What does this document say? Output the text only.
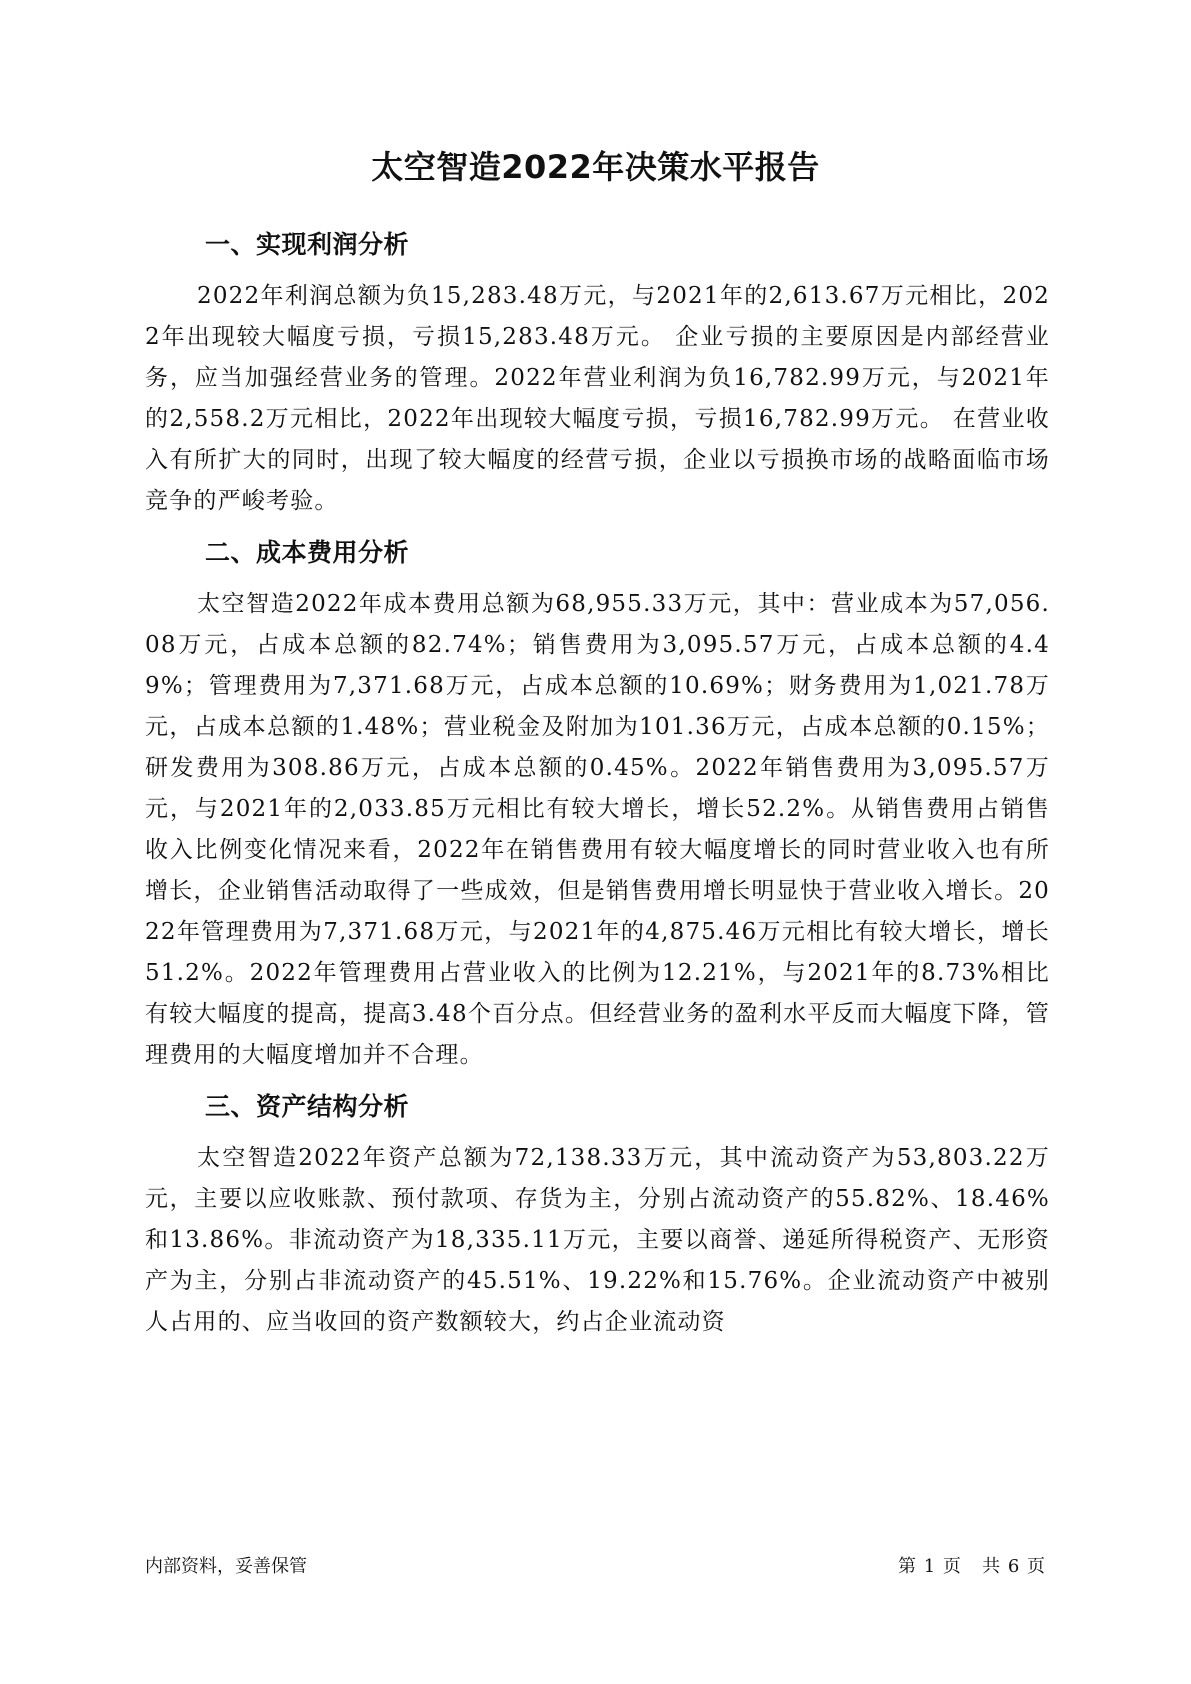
太空智造2022年决策水平报告
一、实现利润分析

2022年利润总额为负15,283.48万元，与2021年的2,613.67万元相比，2022年出现较大幅度亏损，亏损15,283.48万元。 企业亏损的主要原因是内部经营业务，应当加强经营业务的管理。2022年营业利润为负16,782.99万元，与2021年的2,558.2万元相比，2022年出现较大幅度亏损，亏损16,782.99万元。 在营业收入有所扩大的同时，出现了较大幅度的经营亏损，企业以亏损换市场的战略面临市场竞争的严峻考验。

二、成本费用分析

太空智造2022年成本费用总额为68,955.33万元，其中：营业成本为57,056.08万元，占成本总额的82.74%；销售费用为3,095.57万元，占成本总额的4.49%；管理费用为7,371.68万元，占成本总额的10.69%；财务费用为1,021.78万元，占成本总额的1.48%；营业税金及附加为101.36万元，占成本总额的0.15%；研发费用为308.86万元，占成本总额的0.45%。2022年销售费用为3,095.57万元，与2021年的2,033.85万元相比有较大增长，增长52.2%。从销售费用占销售收入比例变化情况来看，2022年在销售费用有较大幅度增长的同时营业收入也有所增长，企业销售活动取得了一些成效，但是销售费用增长明显快于营业收入增长。2022年管理费用为7,371.68万元，与2021年的4,875.46万元相比有较大增长，增长51.2%。2022年管理费用占营业收入的比例为12.21%，与2021年的8.73%相比有较大幅度的提高，提高3.48个百分点。但经营业务的盈利水平反而大幅度下降，管理费用的大幅度增加并不合理。

三、资产结构分析

太空智造2022年资产总额为72,138.33万元，其中流动资产为53,803.22万元，主要以应收账款、预付款项、存货为主，分别占流动资产的55.82%、18.46%和13.86%。非流动资产为18,335.11万元，主要以商誉、递延所得税资产、无形资产为主，分别占非流动资产的45.51%、19.22%和15.76%。企业流动资产中被别人占用的、应当收回的资产数额较大，约占企业流动资

内部资料，妥善保管	第 1 页 共 6 页
